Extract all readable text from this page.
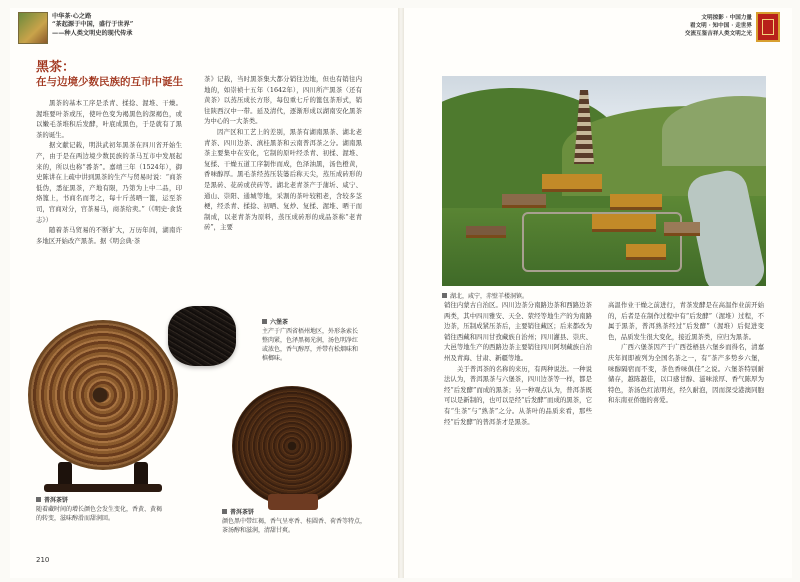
中华茶·心之路
“茶起源于中国，盛行于世界”
——种人类文明史的现代传承
文明掠影 · 中国力量
看文明 · 知中国 · 走世界
交流互鉴吉祥人类文明之光
黑茶：
在与边境少数民族的互市中诞生

黑茶的基本工序是杀青、揉捻、渥堆、干燥。渥堆要叶茶或压，使叶色变为褐黑色的深褐色，或以嫩毛茶堆积后发酵，叶底成黑色，于是就有了黑茶的诞生。

据文献记载，明洪武初年黑茶在四川省开始生产，由于是在两边境少数民族的茶马互市中发展起来的，所以也称“番茶”。嘉靖三年（1524年），御史陈讲在上疏中讲到黑茶的生产与贸易时说：“商茶低伪，悉征黑茶，产地有限，乃第为上中二品，印烙篦上，书商名而考之，每十斤蒸晒一篦，运至茶司，官商对分，官茶易马，商茶给卖。”（《明史·食货志》）

随着茶马贸易的不断扩大，万历年间，湖南许多地区开始改产黑茶。据《明会典·茶

茶》记载，当时黑茶集大都分销往边地，但也有销往内地的，如崇祯十五年（1642年），四川所产黑茶（还有黄茶）以蒸压成长方形，每包重七斤的篦包茶形式，销往陕西汉中一带。延及清代，逐渐形成以湖南安化黑茶为中心的一大茶类。

因产区和工艺上的差别，黑茶有湖南黑茶、湖北老青茶、四川边茶、滇桂黑茶和云南普洱茶之分。湖南黑茶主要集中在安化，它制的原叶经杀青、初揉、渥堆、复揉、干燥五道工序制作而成，色泽油黑，汤色橙黄，香味醇厚。黑毛茶经蒸压装篓后称天尖，蒸压成砖形的是黑砖、花砖或茯砖等。湖北老青茶产于蒲圻、咸宁、通山、崇阳、通城等地，采割的茶叶较粗老，含较多茎梗，经杀青、揉捻、初晒、复炒、复揉、渥堆、晒干而制成，以老青茶为原料，蒸压成砖形的成品茶称“老青砖”，主要

六堡茶
主产于广西省梧州地区，外形条索长整肉紧，色泽黑褐光润，汤色明净红或浓色，香气醇厚，并带有松烟味和槟榔味。
普洱茶饼
随着藏时间的增长颜色会发生变化，香黄、黄褐的转变，滋味醇滑而甜润回。
普洱茶饼
颜色黑中带红褐，香气呈枣香、桂圆香、荷香等特点，茶汤醇和滋润，清甜甘爽。
210
湖北，咸宁，赤壁羊楼洞镇。

销往内蒙古自治区。四川边茶分南路边茶和西路边茶两类，其中四川雅安、天全、荥经等地生产的为南路边茶，压制成紧压茶后，主要销往藏区；后来都改为销往西藏和四川甘孜藏族自治州；四川灌县、崇庆、大邑等地生产的西路边茶主要销往四川阿坝藏族自治州及青海、甘肃、新疆等地。

关于普洱茶的名称的来历，有两种说法。一种说法认为，普洱黑茶与六堡茶，四川边茶等一样，都是经“后发酵”而成的黑茶；另一种观点认为，普洱茶既可以是新制的，也可以是经“后发酵”而成的黑茶，它有“生茶”与“熟茶”之分。从茶叶的品质来看，那些经“后发酵”的普洱茶才是黑茶。

高温作业干燥之前进行，青茶发酵是在高温作业前开始的，后者是在制作过程中有“后发酵”（渥堆）过程，不属于黑茶，普洱熟茶经过“后发酵”（渥堆）后促进变色，品质发生很大变化，接近黑茶类，应归为黑茶。

广西六堡茶因产于广西苍梧县六堡乡而得名，清嘉庆年间即被列为全国名茶之一，有“茶产多势乡六堡，味醇隔宿而不变，茶色香味俱佳”之说。六堡茶特别耐储存，越陈越佳，以口感甘醇、滋味浓厚、香气陈厚为特色，茶汤色红浓明亮，经久耐泡，因而深受港澳同胞和东南亚侨胞的喜爱。
